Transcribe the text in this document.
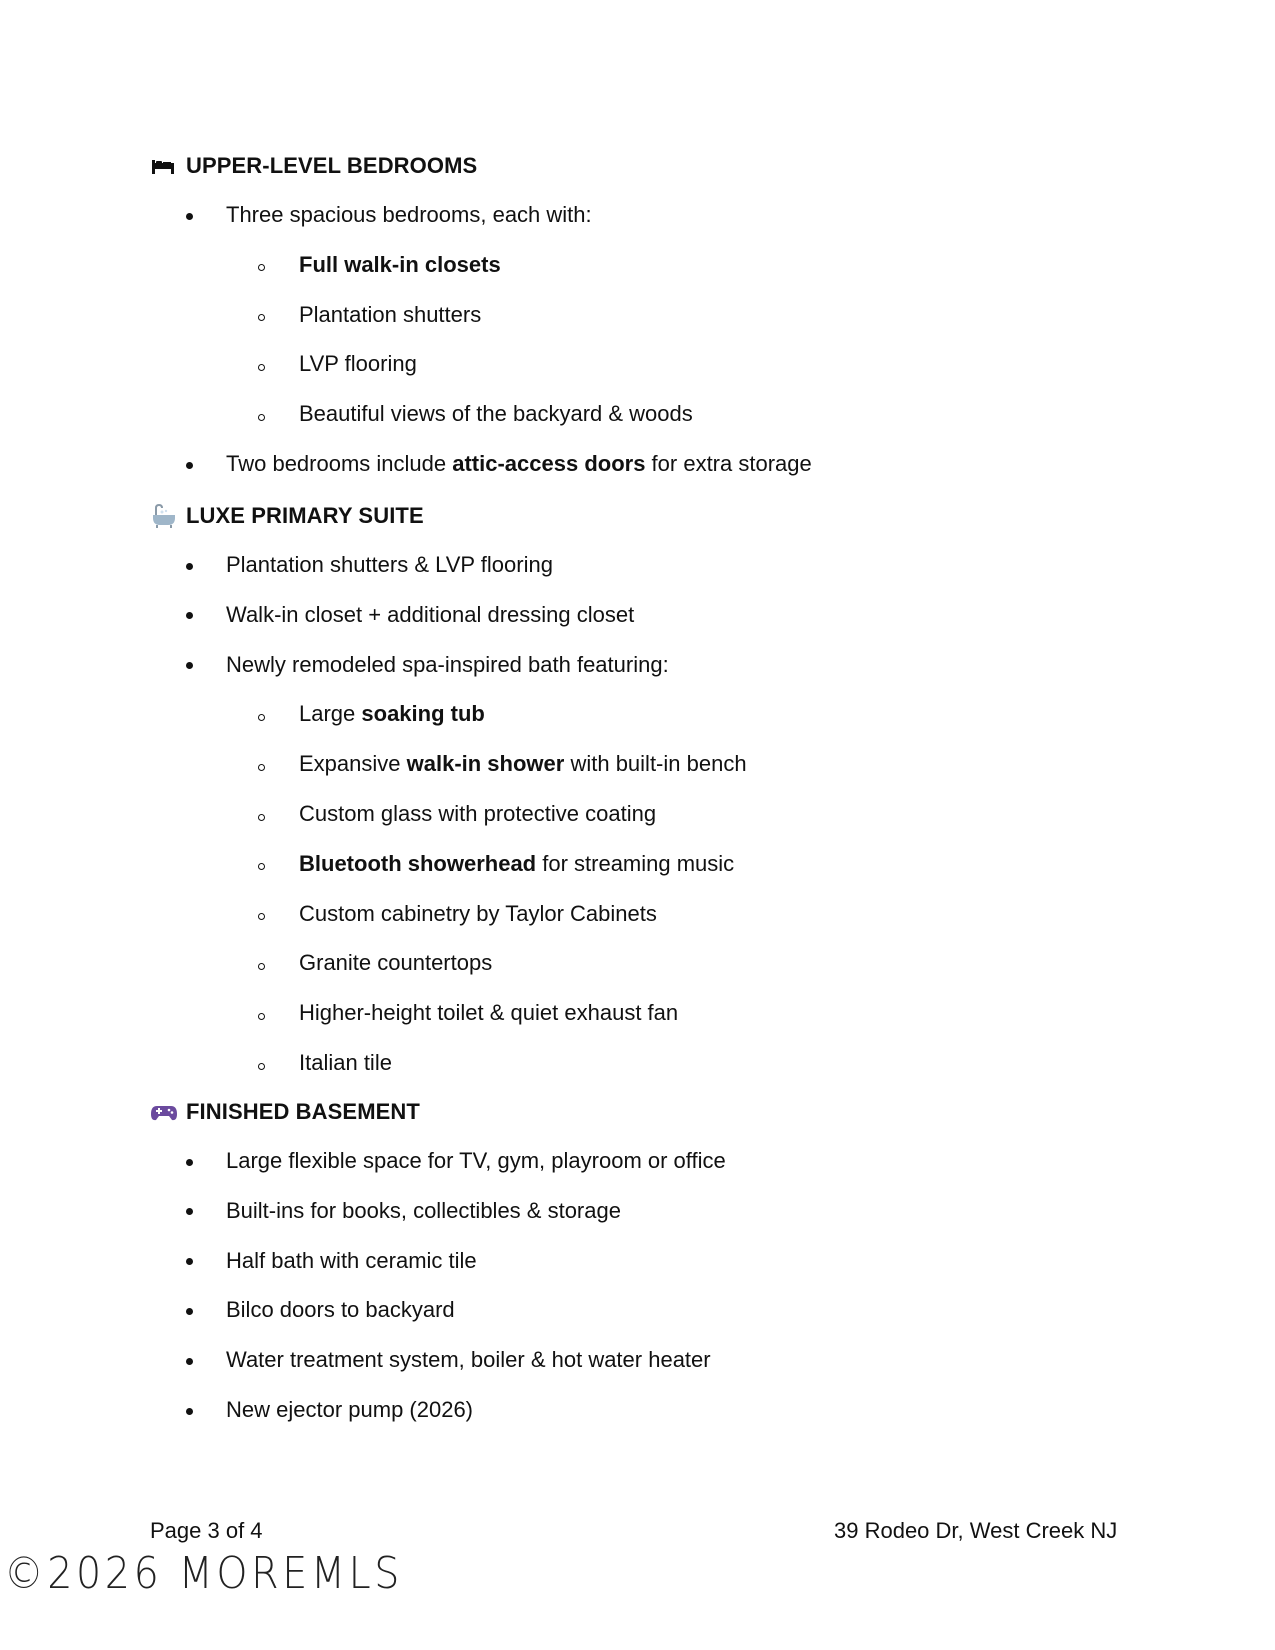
UPPER-LEVEL BEDROOMS
Three spacious bedrooms, each with:
Full walk-in closets
Plantation shutters
LVP flooring
Beautiful views of the backyard & woods
Two bedrooms include attic-access doors for extra storage
LUXE PRIMARY SUITE
Plantation shutters & LVP flooring
Walk-in closet + additional dressing closet
Newly remodeled spa-inspired bath featuring:
Large soaking tub
Expansive walk-in shower with built-in bench
Custom glass with protective coating
Bluetooth showerhead for streaming music
Custom cabinetry by Taylor Cabinets
Granite countertops
Higher-height toilet & quiet exhaust fan
Italian tile
FINISHED BASEMENT
Large flexible space for TV, gym, playroom or office
Built-ins for books, collectibles & storage
Half bath with ceramic tile
Bilco doors to backyard
Water treatment system, boiler & hot water heater
New ejector pump (2026)
Page 3 of 4	39 Rodeo Dr, West Creek NJ
©2026 MOREMLS
